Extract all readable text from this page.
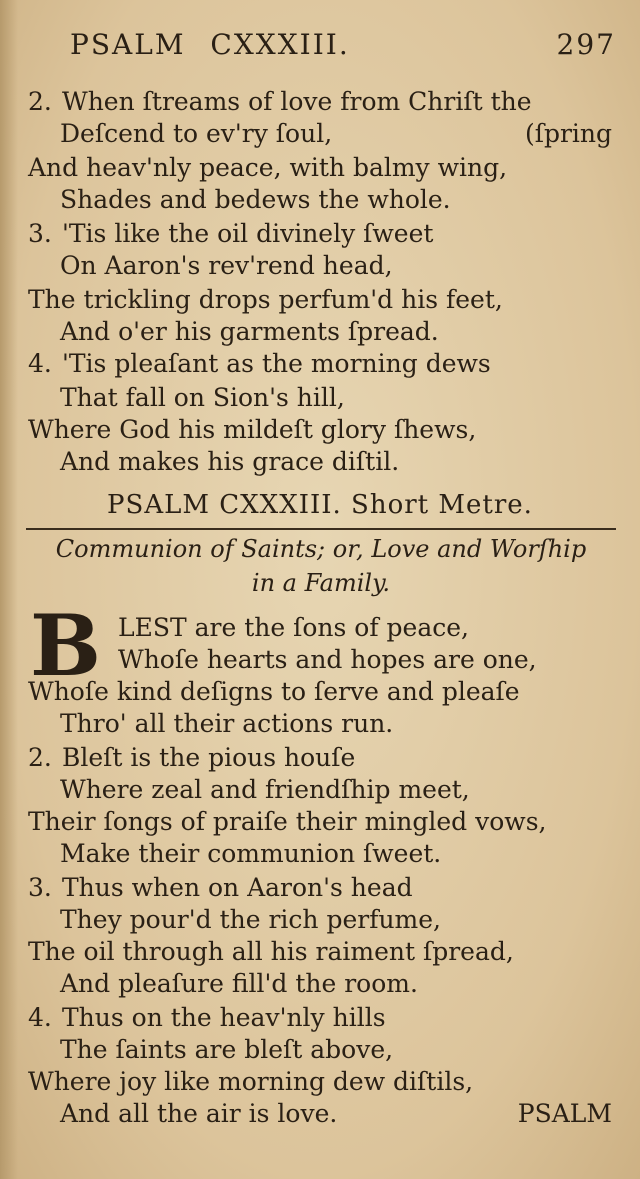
PSALM CXXXIII.	297
2. When ſtreams of love from Chriſt the
Deſcend to ev'ry ſoul,	(ſpring
And heav'nly peace, with balmy wing,
Shades and bedews the whole.
3. 'Tis like the oil divinely ſweet
On Aaron's rev'rend head,
The trickling drops perfum'd his feet,
And o'er his garments ſpread.
4. 'Tis pleaſant as the morning dews
That fall on Sion's hill,
Where God his mildeſt glory ſhews,
And makes his grace diſtil.
PSALM CXXXIII. Short Metre.
Communion of Saints; or, Love and Worſhip
in a Family.
B LEST are the ſons of peace,
Whoſe hearts and hopes are one,
Whoſe kind deſigns to ſerve and pleaſe
Thro' all their actions run.
2. Bleſt is the pious houſe
Where zeal and friendſhip meet,
Their ſongs of praiſe their mingled vows,
Make their communion ſweet.
3. Thus when on Aaron's head
They pour'd the rich perfume,
The oil through all his raiment ſpread,
And pleaſure fill'd the room.
4. Thus on the heav'nly hills
The ſaints are bleſt above,
Where joy like morning dew diſtils,
And all the air is love.	PSALM
